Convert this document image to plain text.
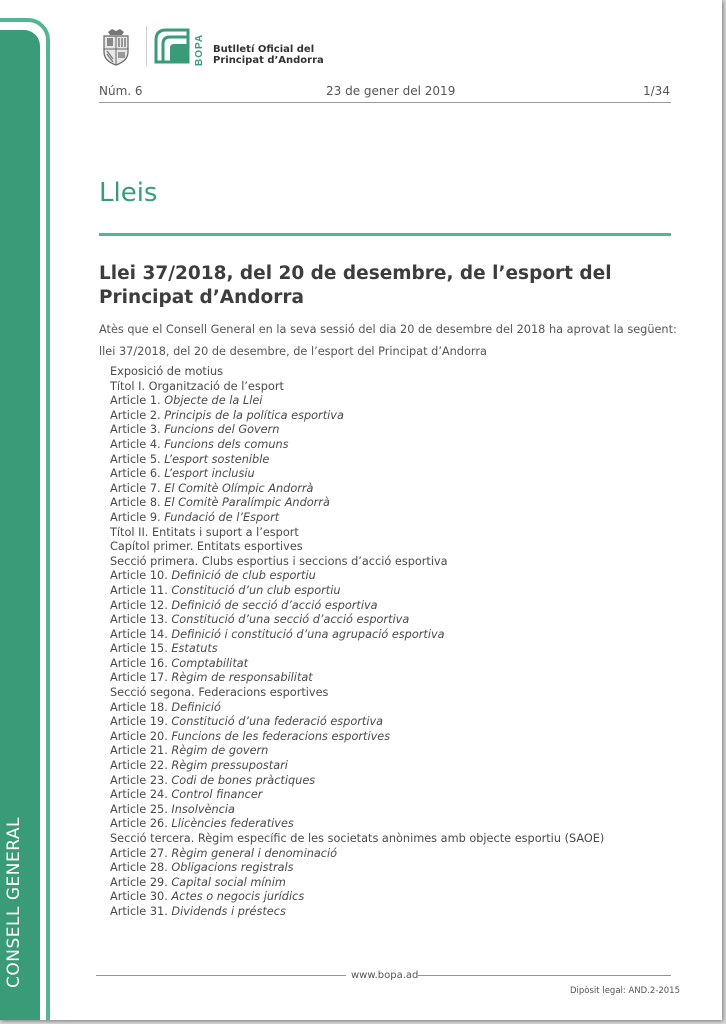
BOPA Butlletí Oficial del
Principat d’Andorra
Núm. 6	23 de gener del 2019	1/34
Lleis
Llei 37/2018, del 20 de desembre, de l’esport del Principat d’Andorra
Atès que el Consell General en la seva sessió del dia 20 de desembre del 2018 ha aprovat la següent:
llei 37/2018, del 20 de desembre, de l’esport del Principat d’Andorra
Exposició de motius
Títol I. Organització de l’esport
Article 1. Objecte de la Llei
Article 2. Principis de la política esportiva
Article 3. Funcions del Govern
Article 4. Funcions dels comuns
Article 5. L’esport sostenible
Article 6. L’esport inclusiu
Article 7. El Comitè Olímpic Andorrà
Article 8. El Comitè Paralímpic Andorrà
Article 9. Fundació de l’Esport
Títol II. Entitats i suport a l’esport
Capítol primer. Entitats esportives
Secció primera. Clubs esportius i seccions d’acció esportiva
Article 10. Definició de club esportiu
Article 11. Constitució d’un club esportiu
Article 12. Definició de secció d’acció esportiva
Article 13. Constitució d’una secció d’acció esportiva
Article 14. Definició i constitució d’una agrupació esportiva
Article 15. Estatuts
Article 16. Comptabilitat
Article 17. Règim de responsabilitat
Secció segona. Federacions esportives
Article 18. Definició
Article 19. Constitució d’una federació esportiva
Article 20. Funcions de les federacions esportives
Article 21. Règim de govern
Article 22. Règim pressupostari
Article 23. Codi de bones pràctiques
Article 24. Control financer
Article 25. Insolvència
Article 26. Llicències federatives
Secció tercera. Règim específic de les societats anònimes amb objecte esportiu (SAOE)
Article 27. Règim general i denominació
Article 28. Obligacions registrals
Article 29. Capital social mínim
Article 30. Actes o negocis jurídics
Article 31. Dividends i préstecs
www.bopa.ad
Dipòsit legal: AND.2-2015
